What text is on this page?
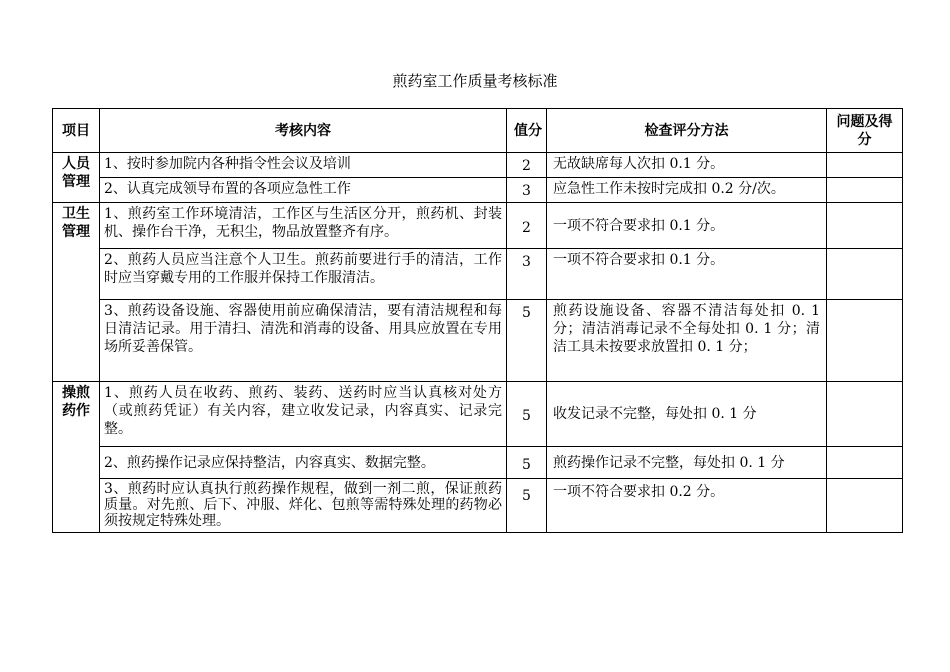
煎药室工作质量考核标准
项目	考核内容	值分	检查评分方法	问题及得分
人员管理	1、按时参加院内各种指令性会议及培训	2	无故缺席每人次扣 0.1 分。	
	2、认真完成领导布置的各项应急性工作	3	应急性工作未按时完成扣 0.2 分/次。	
卫生管理	1、煎药室工作环境清洁，工作区与生活区分开，煎药机、封装机、操作台干净，无积尘，物品放置整齐有序。	2	一项不符合要求扣 0.1 分。	
	2、煎药人员应当注意个人卫生。煎药前要进行手的清洁，工作时应当穿戴专用的工作服并保持工作服清洁。	3	一项不符合要求扣 0.1 分。	
	3、煎药设备设施、容器使用前应确保清洁，要有清洁规程和每日清洁记录。用于清扫、清洗和消毒的设备、用具应放置在专用场所妥善保管。	5	煎药设施设备、容器不清洁每处扣 0. 1 分；清洁消毒记录不全每处扣 0. 1 分；清洁工具未按要求放置扣 0. 1 分；	
操煎药作	1、煎药人员在收药、煎药、装药、送药时应当认真核对处方（或煎药凭证）有关内容，建立收发记录，内容真实、记录完整。	5	收发记录不完整，每处扣 0. 1 分	
	2、煎药操作记录应保持整洁，内容真实、数据完整。	5	煎药操作记录不完整，每处扣 0. 1 分	
	3、煎药时应认真执行煎药操作规程，做到一剂二煎，保证煎药质量。对先煎、后下、冲服、烊化、包煎等需特殊处理的药物必须按规定特殊处理。	5	一项不符合要求扣 0.2 分。	
